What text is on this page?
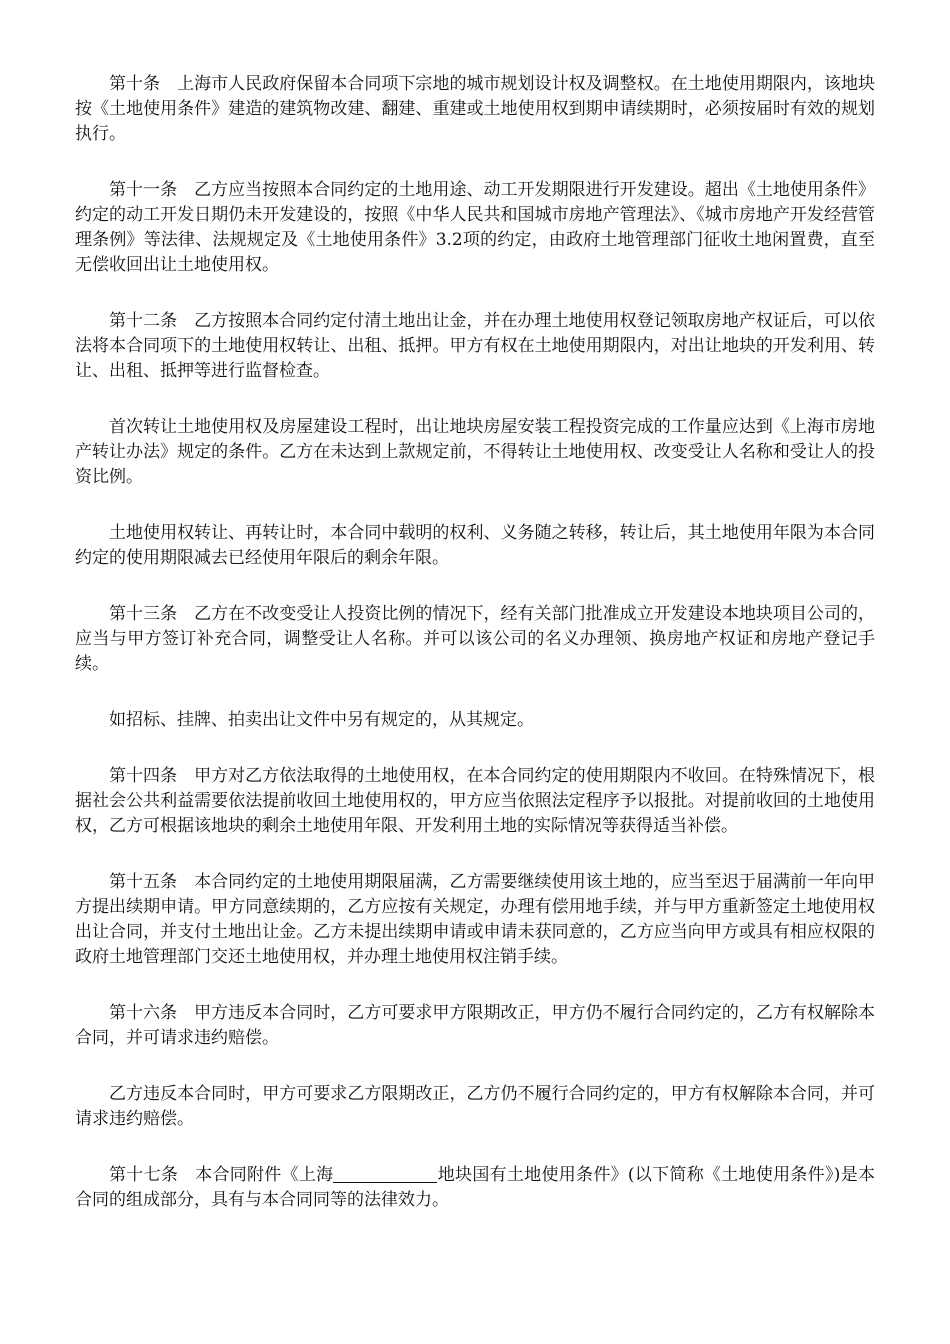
第十条 上海市人民政府保留本合同项下宗地的城市规划设计权及调整权。在土地使用期限内，该地块按《土地使用条件》建造的建筑物改建、翻建、重建或土地使用权到期申请续期时，必须按届时有效的规划执行。

第十一条 乙方应当按照本合同约定的土地用途、动工开发期限进行开发建设。超出《土地使用条件》约定的动工开发日期仍未开发建设的，按照《中华人民共和国城市房地产管理法》、《城市房地产开发经营管理条例》等法律、法规规定及《土地使用条件》3.2项的约定，由政府土地管理部门征收土地闲置费，直至无偿收回出让土地使用权。

第十二条 乙方按照本合同约定付清土地出让金，并在办理土地使用权登记领取房地产权证后，可以依法将本合同项下的土地使用权转让、出租、抵押。甲方有权在土地使用期限内，对出让地块的开发利用、转让、出租、抵押等进行监督检查。

首次转让土地使用权及房屋建设工程时，出让地块房屋安装工程投资完成的工作量应达到《上海市房地产转让办法》规定的条件。乙方在未达到上款规定前，不得转让土地使用权、改变受让人名称和受让人的投资比例。

土地使用权转让、再转让时，本合同中载明的权利、义务随之转移，转让后，其土地使用年限为本合同约定的使用期限减去已经使用年限后的剩余年限。

第十三条 乙方在不改变受让人投资比例的情况下，经有关部门批准成立开发建设本地块项目公司的，应当与甲方签订补充合同，调整受让人名称。并可以该公司的名义办理领、换房地产权证和房地产登记手续。

如招标、挂牌、拍卖出让文件中另有规定的，从其规定。

第十四条 甲方对乙方依法取得的土地使用权，在本合同约定的使用期限内不收回。在特殊情况下，根据社会公共利益需要依法提前收回土地使用权的，甲方应当依照法定程序予以报批。对提前收回的土地使用权，乙方可根据该地块的剩余土地使用年限、开发利用土地的实际情况等获得适当补偿。

第十五条 本合同约定的土地使用期限届满，乙方需要继续使用该土地的，应当至迟于届满前一年向甲方提出续期申请。甲方同意续期的，乙方应按有关规定，办理有偿用地手续，并与甲方重新签定土地使用权出让合同，并支付土地出让金。乙方未提出续期申请或申请未获同意的，乙方应当向甲方或具有相应权限的政府土地管理部门交还土地使用权，并办理土地使用权注销手续。

第十六条 甲方违反本合同时，乙方可要求甲方限期改正，甲方仍不履行合同约定的，乙方有权解除本合同，并可请求违约赔偿。

乙方违反本合同时，甲方可要求乙方限期改正，乙方仍不履行合同约定的，甲方有权解除本合同，并可请求违约赔偿。

第十七条 本合同附件《上海	地块国有土地使用条件》(以下简称《土地使用条件》)是本合同的组成部分，具有与本合同同等的法律效力。
